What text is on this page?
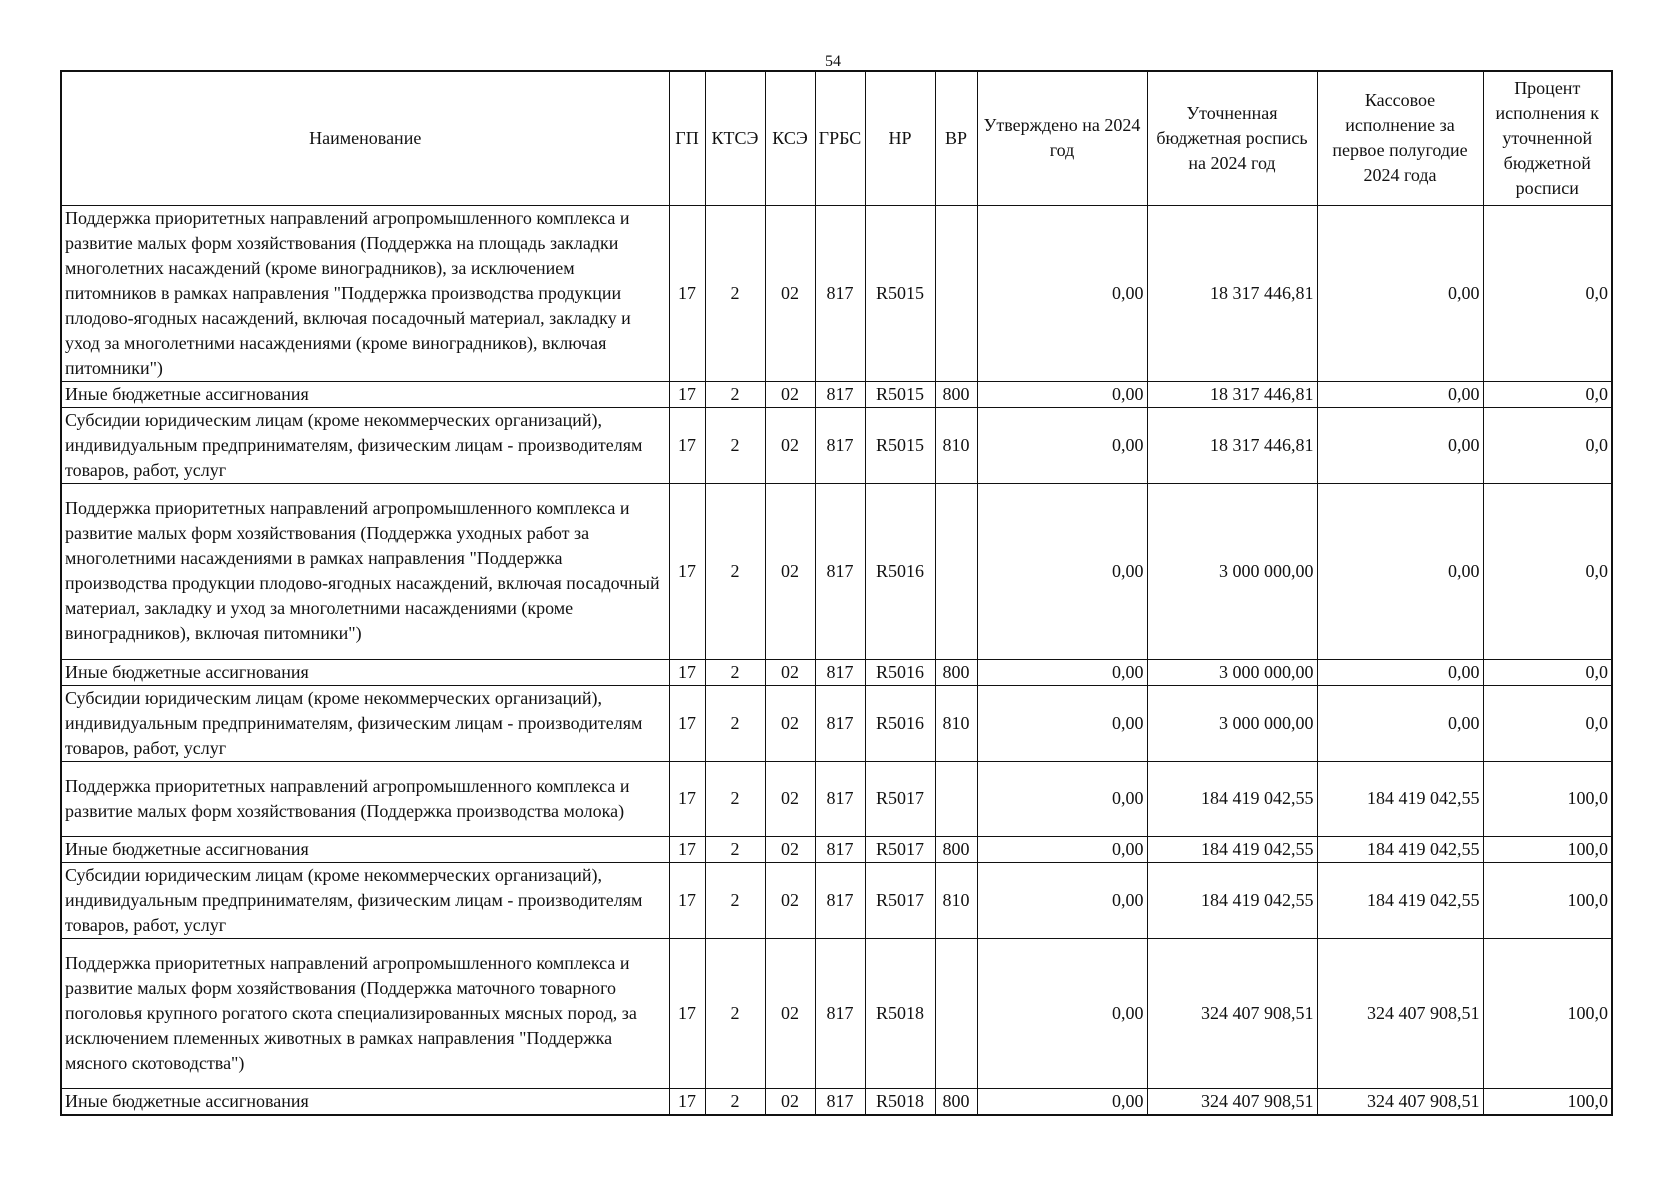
54
Наименование	ГП	КТСЭ	КСЭ	ГРБС	НР	ВР	Утверждено на 2024 год	Уточненная бюджетная роспись на 2024 год	Кассовое исполнение за первое полугодие 2024 года	Процент исполнения к уточненной бюджетной росписи
Поддержка приоритетных направлений агропромышленного комплекса и развитие малых форм хозяйствования (Поддержка на площадь закладки многолетних насаждений (кроме виноградников), за исключением питомников в рамках направления "Поддержка производства продукции плодово-ягодных насаждений, включая посадочный материал, закладку и уход за многолетними насаждениями (кроме виноградников), включая питомники")	17	2	02	817	R5015		0,00	18 317 446,81	0,00	0,0
Иные бюджетные ассигнования	17	2	02	817	R5015	800	0,00	18 317 446,81	0,00	0,0
Субсидии юридическим лицам (кроме некоммерческих организаций), индивидуальным предпринимателям, физическим лицам - производителям товаров, работ, услуг	17	2	02	817	R5015	810	0,00	18 317 446,81	0,00	0,0
Поддержка приоритетных направлений агропромышленного комплекса и развитие малых форм хозяйствования (Поддержка уходных работ за многолетними насаждениями в рамках направления "Поддержка производства продукции плодово-ягодных насаждений, включая посадочный материал, закладку и уход за многолетними насаждениями (кроме виноградников), включая питомники")	17	2	02	817	R5016		0,00	3 000 000,00	0,00	0,0
Иные бюджетные ассигнования	17	2	02	817	R5016	800	0,00	3 000 000,00	0,00	0,0
Субсидии юридическим лицам (кроме некоммерческих организаций), индивидуальным предпринимателям, физическим лицам - производителям товаров, работ, услуг	17	2	02	817	R5016	810	0,00	3 000 000,00	0,00	0,0
Поддержка приоритетных направлений агропромышленного комплекса и развитие малых форм хозяйствования (Поддержка производства молока)	17	2	02	817	R5017		0,00	184 419 042,55	184 419 042,55	100,0
Иные бюджетные ассигнования	17	2	02	817	R5017	800	0,00	184 419 042,55	184 419 042,55	100,0
Субсидии юридическим лицам (кроме некоммерческих организаций), индивидуальным предпринимателям, физическим лицам - производителям товаров, работ, услуг	17	2	02	817	R5017	810	0,00	184 419 042,55	184 419 042,55	100,0
Поддержка приоритетных направлений агропромышленного комплекса и развитие малых форм хозяйствования (Поддержка маточного товарного поголовья крупного рогатого скота специализированных мясных пород, за исключением племенных животных в рамках направления "Поддержка мясного скотоводства")	17	2	02	817	R5018		0,00	324 407 908,51	324 407 908,51	100,0
Иные бюджетные ассигнования	17	2	02	817	R5018	800	0,00	324 407 908,51	324 407 908,51	100,0
